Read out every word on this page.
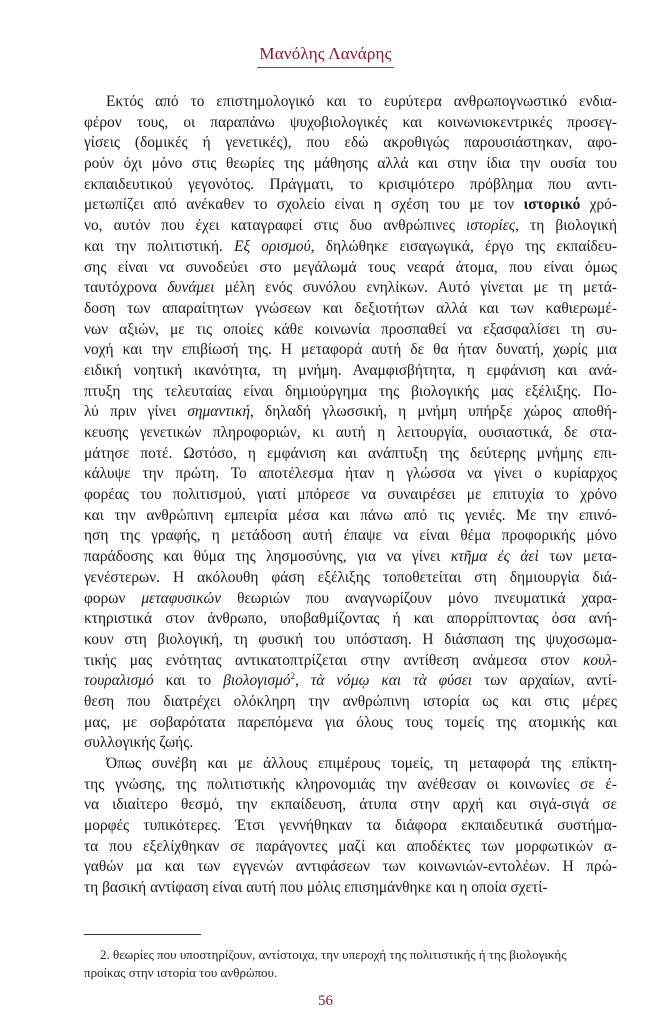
Μανόλης Λανάρης
Εκτός από το επιστημολογικό και το ευρύτερα ανθρωπογνωστικό ενδια-
φέρον τους, οι παραπάνω ψυχοβιολογικές και κοινωνιοκεντρικές προσεγ-
γίσεις (δομικές ή γενετικές), που εδώ ακροθιγώς παρουσιάστηκαν, αφο-
ρούν όχι μόνο στις θεωρίες της μάθησης αλλά και στην ίδια την ουσία του
εκπαιδευτικού γεγονότος. Πράγματι, το κρισιμότερο πρόβλημα που αντι-
μετωπίζει από ανέκαθεν το σχολείο είναι η σχέση του με τον ιστορικό χρό-
νο, αυτόν που έχει καταγραφεί στις δυο ανθρώπινες ιστορίες, τη βιολογική
και την πολιτιστική. Εξ ορισμού, δηλώθηκε εισαγωγικά, έργο της εκπαίδευ-
σης είναι να συνοδεύει στο μεγάλωμά τους νεαρά άτομα, που είναι όμως
ταυτόχρονα δυνάμει μέλη ενός συνόλου ενηλίκων. Αυτό γίνεται με τη μετά-
δοση των απαραίτητων γνώσεων και δεξιοτήτων αλλά και των καθιερωμέ-
νων αξιών, με τις οποίες κάθε κοινωνία προσπαθεί να εξασφαλίσει τη συ-
νοχή και την επιβίωσή της. Η μεταφορά αυτή δε θα ήταν δυνατή, χωρίς μια
ειδική νοητική ικανότητα, τη μνήμη. Αναμφισβήτητα, η εμφάνιση και ανά-
πτυξη της τελευταίας είναι δημιούργημα της βιολογικής μας εξέλιξης. Πο-
λύ πριν γίνει σημαντική, δηλαδή γλωσσική, η μνήμη υπήρξε χώρος αποθή-
κευσης γενετικών πληροφοριών, κι αυτή η λειτουργία, ουσιαστικά, δε στα-
μάτησε ποτέ. Ωστόσο, η εμφάνιση και ανάπτυξη της δεύτερης μνήμης επι-
κάλυψε την πρώτη. Το αποτέλεσμα ήταν η γλώσσα να γίνει ο κυρίαρχος
φορέας του πολιτισμού, γιατί μπόρεσε να συναιρέσει με επιτυχία το χρόνο
και την ανθρώπινη εμπειρία μέσα και πάνω από τις γενιές. Με την επινό-
ηση της γραφής, η μετάδοση αυτή έπαψε να είναι θέμα προφορικής μόνο
παράδοσης και θύμα της λησμοσύνης, για να γίνει κτῆμα ἐς ἀεὶ των μετα-
γενέστερων. Η ακόλουθη φάση εξέλιξης τοποθετείται στη δημιουργία διά-
φορων μεταφυσικών θεωριών που αναγνωρίζουν μόνο πνευματικά χαρα-
κτηριστικά στον άνθρωπο, υποβαθμίζοντας ή και απορρίπτοντας όσα ανή-
κουν στη βιολογική, τη φυσική του υπόσταση. Η διάσπαση της ψυχοσωμα-
τικής μας ενότητας αντικατοπτρίζεται στην αντίθεση ανάμεσα στον κουλ-
τουραλισμό και το βιολογισμό$^2$, τὰ νόμῳ και τὰ φύσει των αρχαίων, αντί-
θεση που διατρέχει ολόκληρη την ανθρώπινη ιστορία ως και στις μέρες
μας, με σοβαρότατα παρεπόμενα για όλους τους τομείς της ατομικής και
συλλογικής ζωής.
Όπως συνέβη και με άλλους επιμέρους τομείς, τη μεταφορά της επίκτη-
της γνώσης, της πολιτιστικής κληρονομιάς την ανέθεσαν οι κοινωνίες σε έ-
να ιδιαίτερο θεσμό, την εκπαίδευση, άτυπα στην αρχή και σιγά-σιγά σε
μορφές τυπικότερες. Έτσι γεννήθηκαν τα διάφορα εκπαιδευτικά συστήμα-
τα που εξελίχθηκαν σε παράγοντες μαζί και αποδέκτες των μορφωτικών α-
γαθών μα και των εγγενών αντιφάσεων των κοινωνιών-εντολέων. Η πρώ-
τη βασική αντίφαση είναι αυτή που μόλις επισημάνθηκε και η οποία σχετί-
2. θεωρίες που υποστηρίζουν, αντίστοιχα, την υπεροχή της πολιτιστικής ή της βιολογικής
προίκας στην ιστορία του ανθρώπου.
56
